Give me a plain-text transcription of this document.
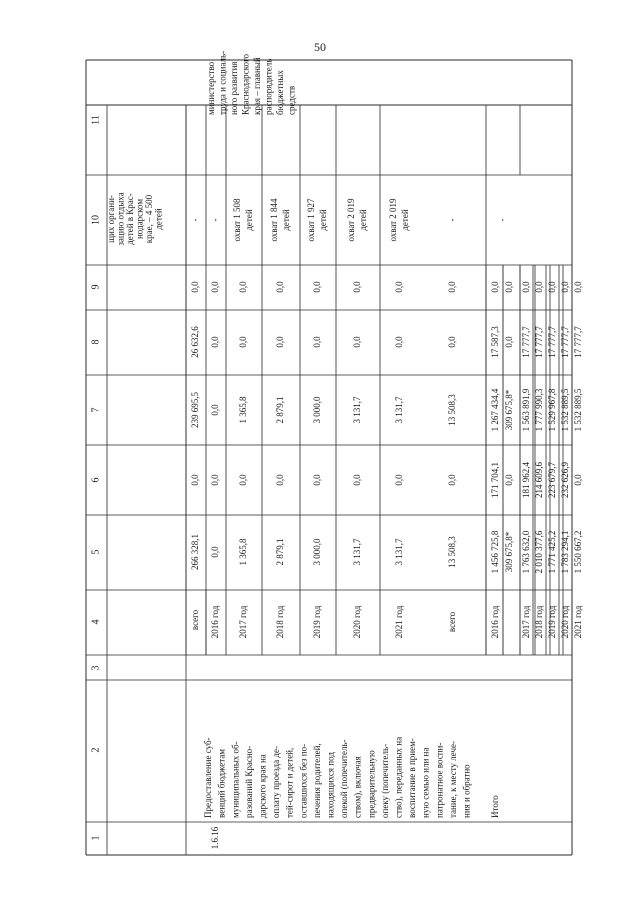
50
1
2
3
4
5
6
7
8
9
10
11
щих органи- зацию отдыха детей в Крас- нодарском крае, – 4 500 детей
всего
266 328,1
0,0
239 695,5
26 632,6
0,0
-
министерство труда и социаль- ного развития Краснодарского края – главный распорядитель бюджетных средств
1.6.16
Предоставление суб- венций бюджетам муниципальных об- разований Красно- дарского края на оплату проезда де- тей-сирот и детей, оставшихся без по- печения родителей, находящихся под опекой (попечитель- ством), включая предварительную опеку (попечитель- ство), переданных на воспитание в прием- ную семью или на патронатное воспи- тание, к месту лече- ния и обратно
2016 год
0,0
0,0
0,0
0,0
0,0
-
2017 год
1 365,8
0,0
1 365,8
0,0
0,0
охват 1 508 детей
2018 год
2 879,1
0,0
2 879,1
0,0
0,0
охват 1 844 детей
2019 год
3 000,0
0,0
3 000,0
0,0
0,0
охват 1 927 детей
2020 год
3 131,7
0,0
3 131,7
0,0
0,0
охват 2 019 детей
2021 год
3 131,7
0,0
3 131,7
0,0
0,0
охват 2 019 детей
всего
13 508,3
0,0
13 508,3
0,0
0,0
-
Итого
-
2016 год
1 456 725,8 309 675,8*
171 704,1 0,0
1 267 434,4 309 675,8*
17 587,3 0,0
0,0 0,0
2017 год
1 763 632,0
181 962,4
1 563 891,9
17 777,7
0,0
2018 год
2 010 377,6
214 609,6
1 777 990,3
17 777,7
0,0
2019 год
1 771 425,2
223 679,7
1 529 967,8
17 777,7
0,0
2020 год
1 783 294,1
232 626,9
1 532 889,5
17 777,7
0,0
2021 год
1 550 667,2
0,0
1 532 889,5
17 777,7
0,0
